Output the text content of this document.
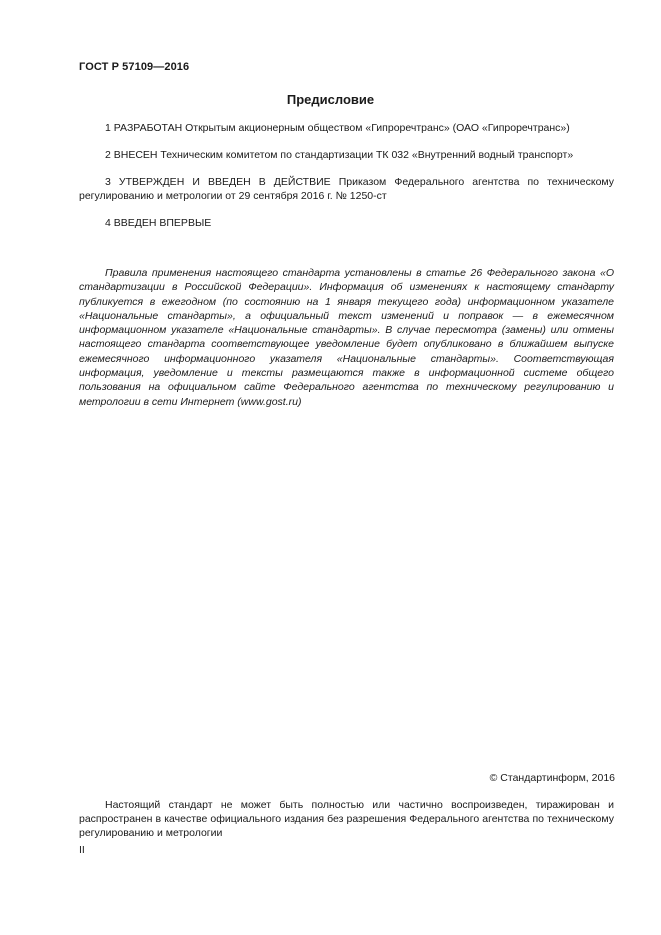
ГОСТ Р 57109—2016
Предисловие

1 РАЗРАБОТАН Открытым акционерным обществом «Гипроречтранс» (ОАО «Гипроречтранс»)

2 ВНЕСЕН Техническим комитетом по стандартизации ТК 032 «Внутренний водный транспорт»

3 УТВЕРЖДЕН И ВВЕДЕН В ДЕЙСТВИЕ Приказом Федерального агентства по техническому регулированию и метрологии от 29 сентября 2016 г. № 1250-ст

4 ВВЕДЕН ВПЕРВЫЕ

Правила применения настоящего стандарта установлены в статье 26 Федерального закона «О стандартизации в Российской Федерации». Информация об изменениях к настоящему стандарту публикуется в ежегодном (по состоянию на 1 января текущего года) информационном указателе «Национальные стандарты», а официальный текст изменений и поправок — в ежемесячном информационном указателе «Национальные стандарты». В случае пересмотра (замены) или отмены настоящего стандарта соответствующее уведомление будет опубликовано в ближайшем выпуске ежемесячного информационного указателя «Национальные стандарты». Соответствующая информация, уведомление и тексты размещаются также в информационной системе общего пользования на официальном сайте Федерального агентства по техническому регулированию и метрологии в сети Интернет (www.gost.ru)

© Стандартинформ, 2016

Настоящий стандарт не может быть полностью или частично воспроизведен, тиражирован и распространен в качестве официального издания без разрешения Федерального агентства по техническому регулированию и метрологии

II
